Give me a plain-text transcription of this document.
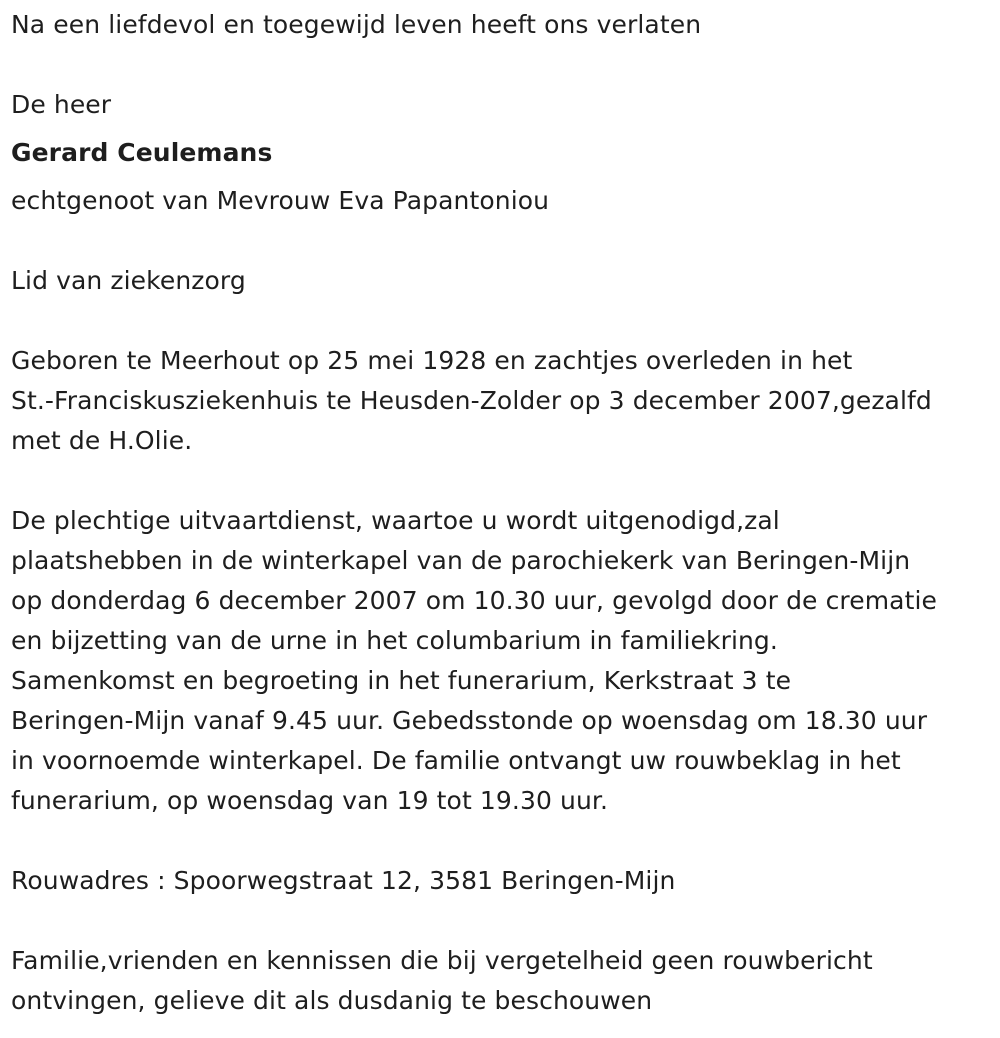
Na een liefdevol en toegewijd leven heeft ons verlaten

De heer

Gerard Ceulemans

echtgenoot van Mevrouw Eva Papantoniou

Lid van ziekenzorg

Geboren te Meerhout op 25 mei 1928 en zachtjes overleden in het

St.-Franciskusziekenhuis te Heusden-Zolder op 3 december 2007,gezalfd

met de H.Olie.

De plechtige uitvaartdienst, waartoe u wordt uitgenodigd,zal

plaatshebben in de winterkapel van de parochiekerk van Beringen-Mijn

op donderdag 6 december 2007 om 10.30 uur, gevolgd door de crematie

en bijzetting van de urne in het columbarium in familiekring.

Samenkomst en begroeting in het funerarium, Kerkstraat 3 te

Beringen-Mijn vanaf 9.45 uur. Gebedsstonde op woensdag om 18.30 uur

in voornoemde winterkapel. De familie ontvangt uw rouwbeklag in het

funerarium, op woensdag van 19 tot 19.30 uur.

Rouwadres : Spoorwegstraat 12, 3581 Beringen-Mijn

Familie,vrienden en kennissen die bij vergetelheid geen rouwbericht

ontvingen, gelieve dit als dusdanig te beschouwen
